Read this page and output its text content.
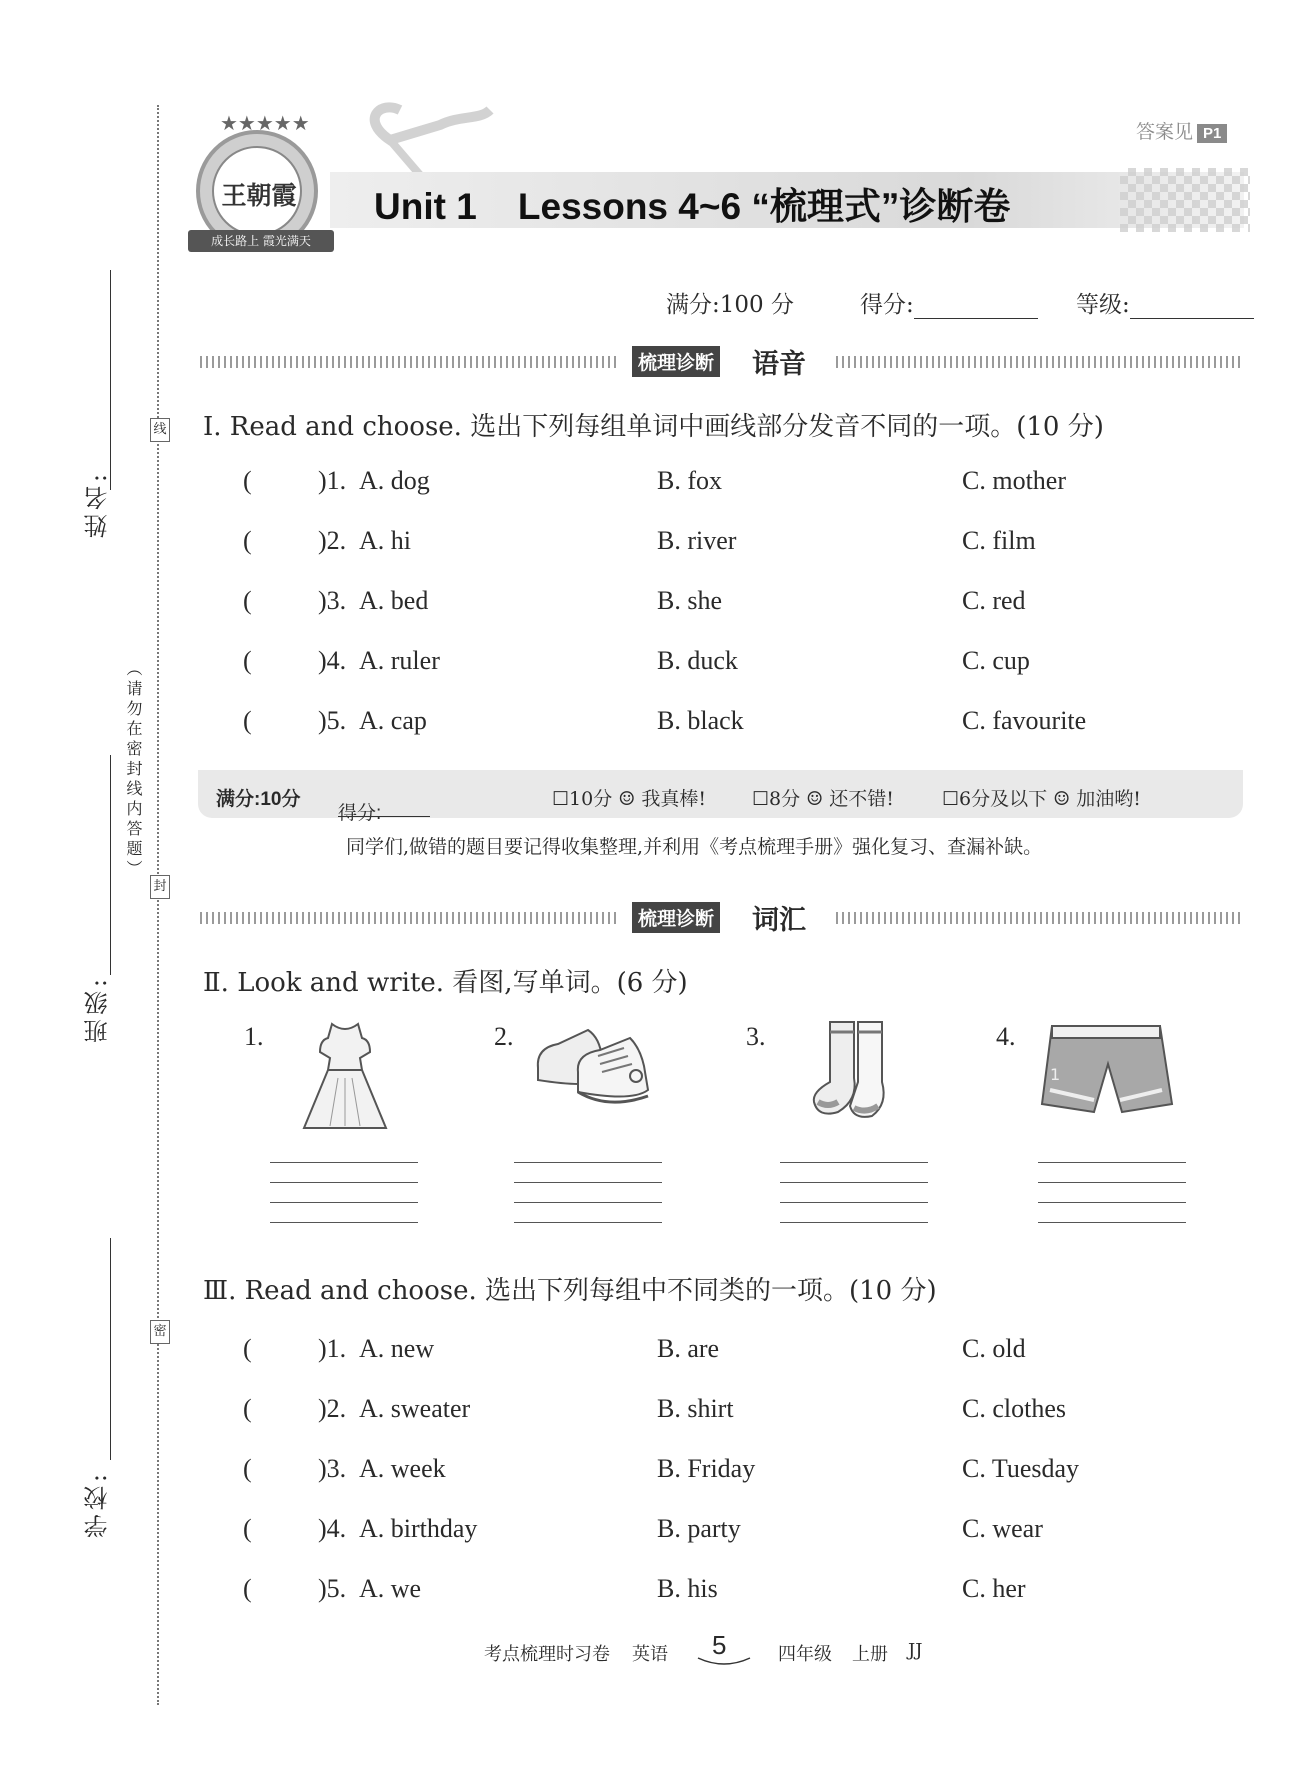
姓名:
班级:
学校:
（请勿在密封线内答题）
线
封
密
答案见 P1
Unit 1    Lessons 4~6 “梳理式”诊断卷
★★★★★
王朝霞
成长路上 霞光满天
满分:100 分	得分:	等级:
梳理诊断 语音
Ⅰ. Read and choose. 选出下列每组单词中画线部分发音不同的一项。(10 分)
(	)1. A. dog	B. fox	C. mother
(	)2. A. hi	B. river	C. film
(	)3. A. bed	B. she	C. red
(	)4. A. ruler	B. duck	C. cup
(	)5. A. cap	B. black	C. favourite
满分:10分
得分:
☐10分 ☺ 我真棒! ☐8分 ☺ 还不错!	☐6分及以下 ☺ 加油哟!
同学们,做错的题目要记得收集整理,并利用《考点梳理手册》强化复习、查漏补缺。
梳理诊断 词汇
Ⅱ. Look and write. 看图,写单词。(6 分)
1.	2.	3.	4.
1
Ⅲ. Read and choose. 选出下列每组中不同类的一项。(10 分)
(	)1. A. new	B. are	C. old
(	)2. A. sweater	B. shirt	C. clothes
(	)3. A. week	B. Friday	C. Tuesday
(	)4. A. birthday	B. party	C. wear
(	)5. A. we	B. his	C. her
考点梳理时习卷 英语 5	四年级 上册 JJ
